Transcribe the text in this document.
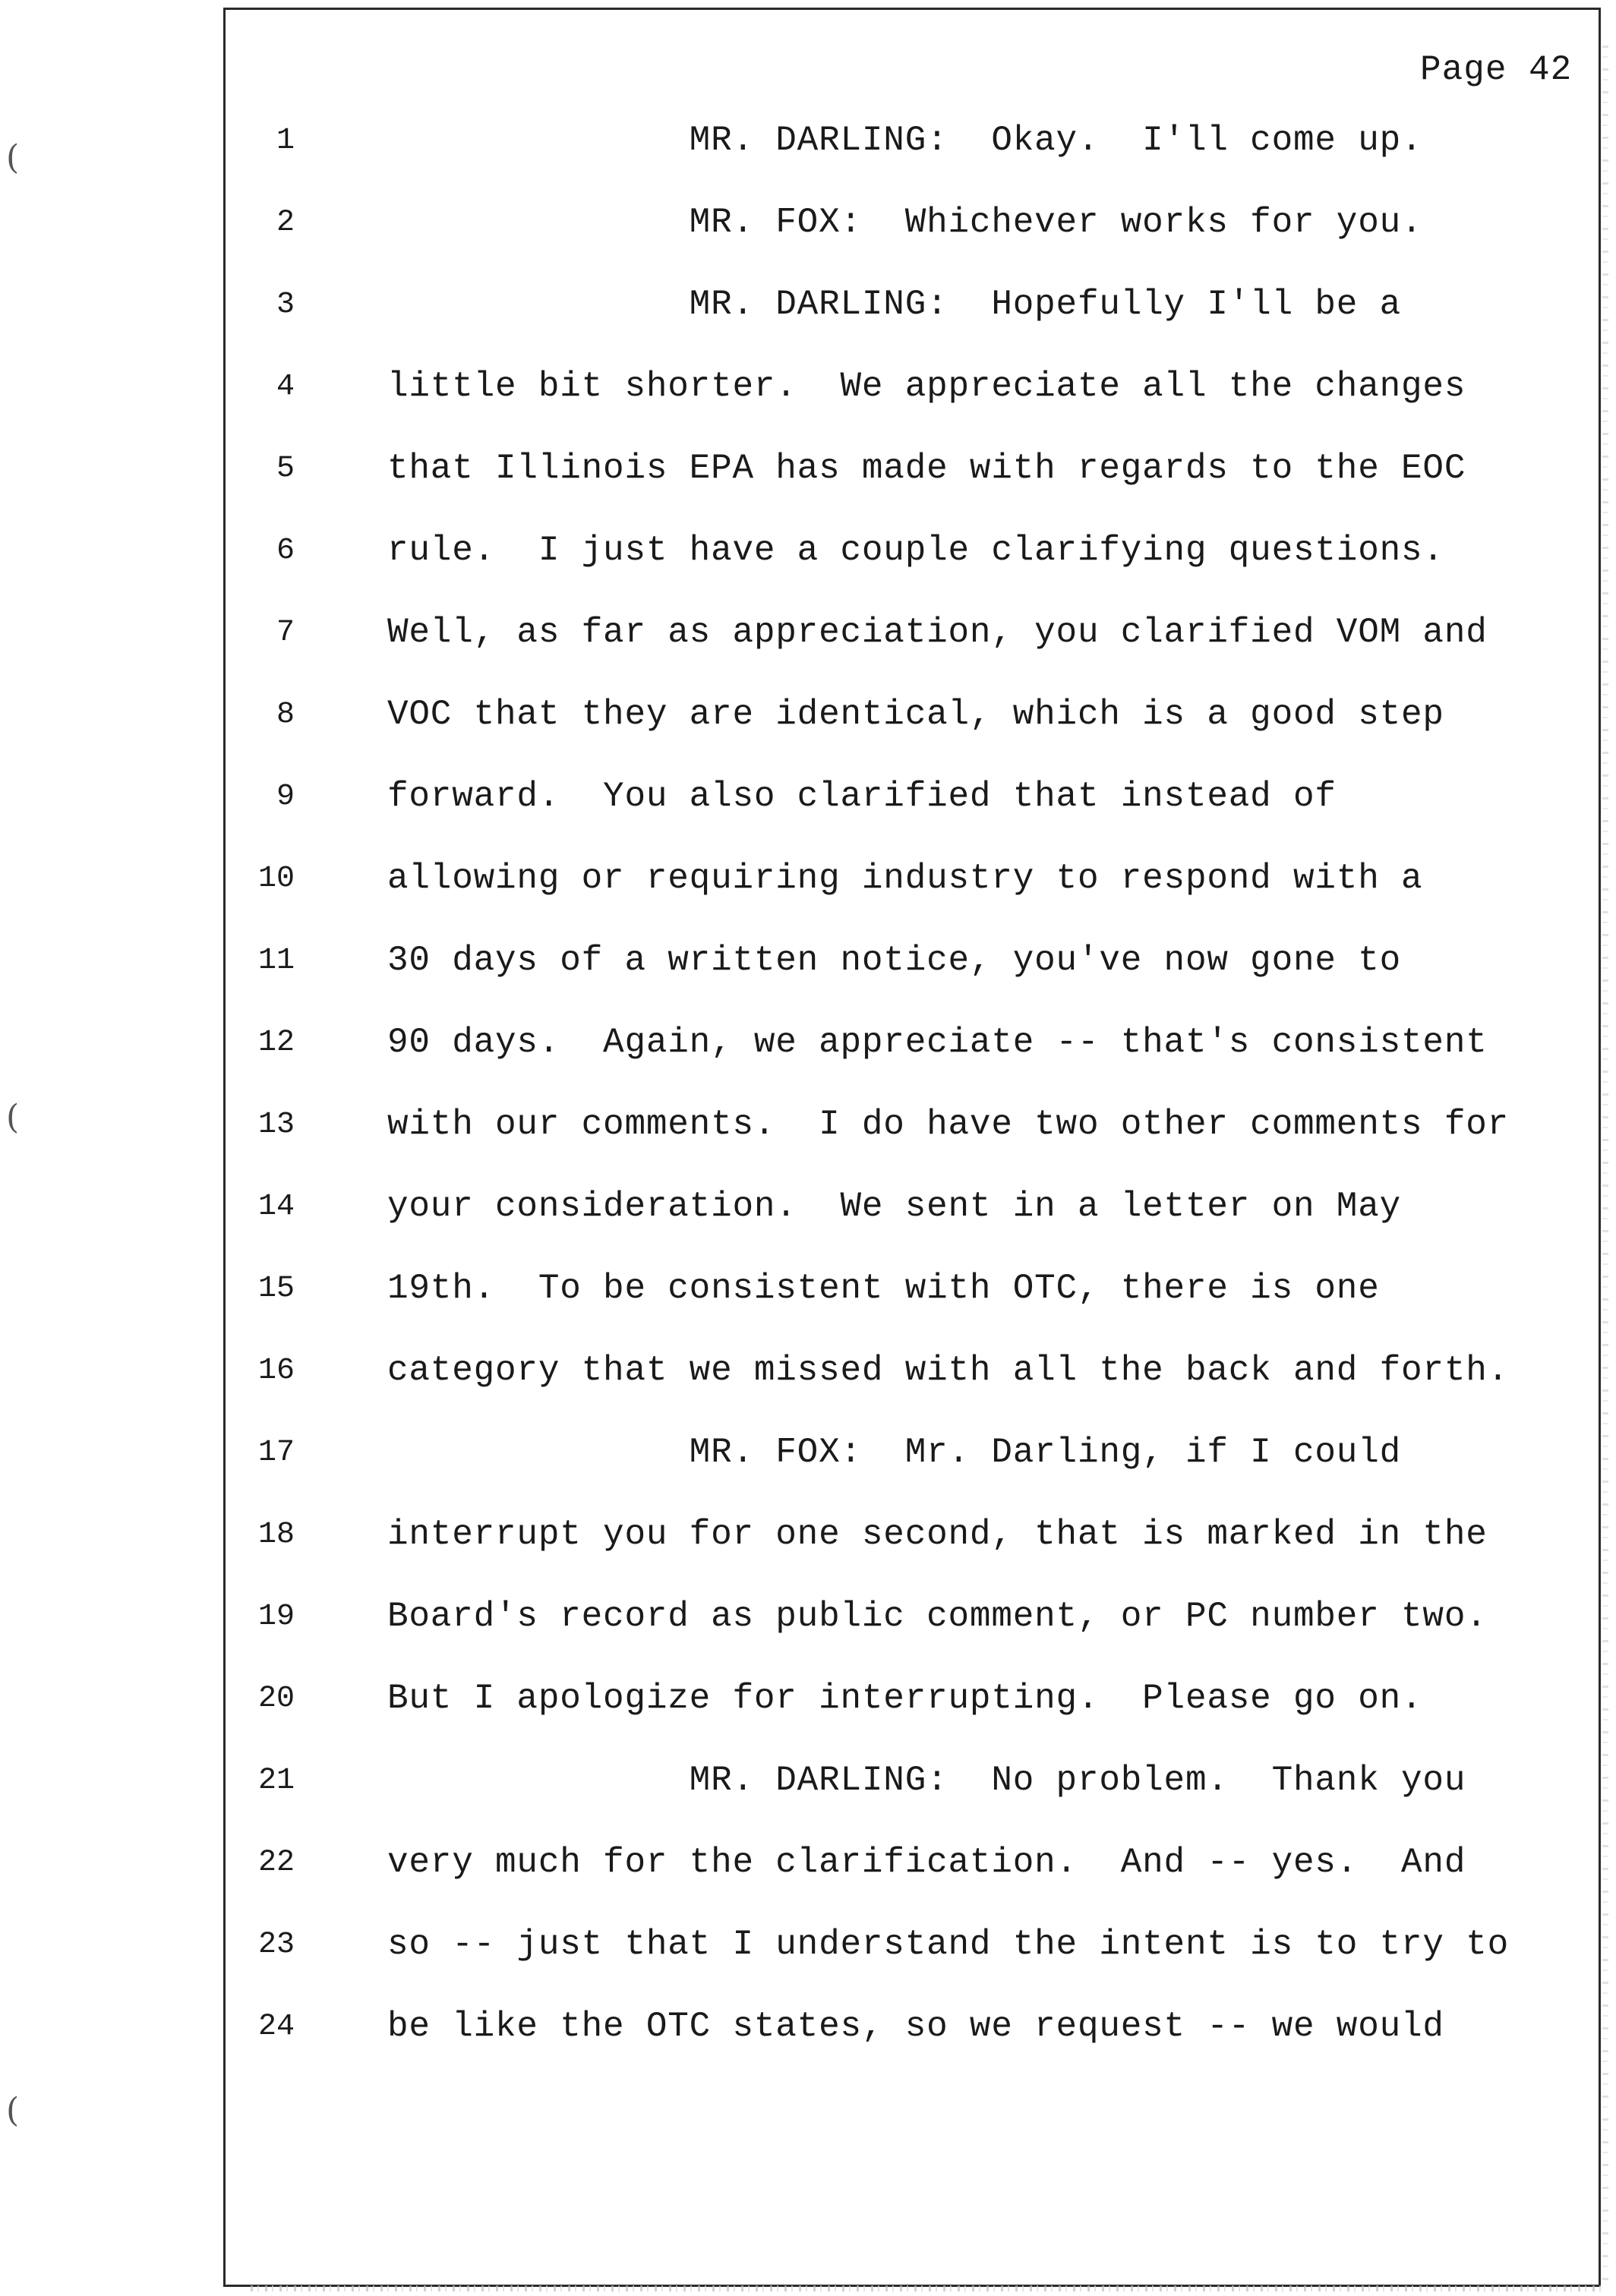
(
(
(
Page 42
1	MR. DARLING:  Okay.  I'll come up.
2	MR. FOX:  Whichever works for you.
3	MR. DARLING:  Hopefully I'll be a
4	little bit shorter.  We appreciate all the changes
5	that Illinois EPA has made with regards to the EOC
6	rule.  I just have a couple clarifying questions.
7	Well, as far as appreciation, you clarified VOM and
8	VOC that they are identical, which is a good step
9	forward.  You also clarified that instead of
10	allowing or requiring industry to respond with a
11	30 days of a written notice, you've now gone to
12	90 days.  Again, we appreciate -- that's consistent
13	with our comments.  I do have two other comments for
14	your consideration.  We sent in a letter on May
15	19th.  To be consistent with OTC, there is one
16	category that we missed with all the back and forth.
17	MR. FOX:  Mr. Darling, if I could
18	interrupt you for one second, that is marked in the
19	Board's record as public comment, or PC number two.
20	But I apologize for interrupting.  Please go on.
21	MR. DARLING:  No problem.  Thank you
22	very much for the clarification.  And -- yes.  And
23	so -- just that I understand the intent is to try to
24	be like the OTC states, so we request -- we would
